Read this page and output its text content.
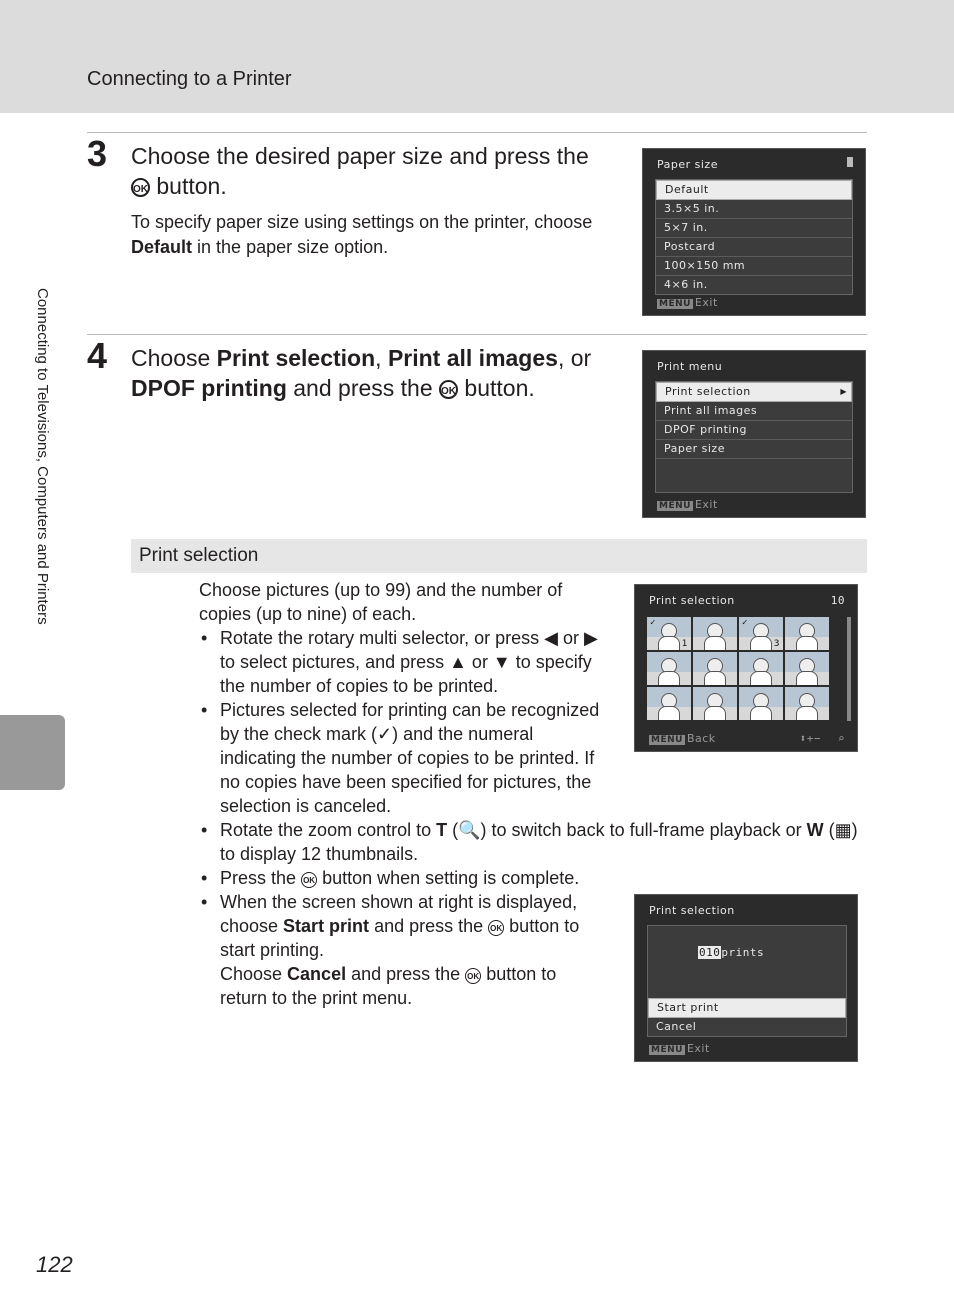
Connecting to a Printer
Connecting to Televisions, Computers and Printers
3 Choose the desired paper size and press the OK button.
To specify paper size using settings on the printer, choose Default in the paper size option.
Paper size
Default
3.5×5 in.
5×7 in.
Postcard
100×150 mm
4×6 in.
MENU Exit
4 Choose Print selection, Print all images, or DPOF printing and press the OK button.
Print menu
Print selection	▶
Print all images
DPOF printing
Paper size
MENU Exit
Print selection
Choose pictures (up to 99) and the number of copies (up to nine) of each.
• Rotate the rotary multi selector, or press ◀ or ▶ to select pictures, and press ▲ or ▼ to specify the number of copies to be printed.
• Pictures selected for printing can be recognized by the check mark (✓) and the numeral indicating the number of copies to be printed. If no copies have been specified for pictures, the selection is canceled.
• Rotate the zoom control to T (🔍) to switch back to full-frame playback or W (▦) to display 12 thumbnails.
• Press the OK button when setting is complete.
• When the screen shown at right is displayed, choose Start print and press the OK button to start printing.
Choose Cancel and press the OK button to return to the print menu.
Print selection	10
✓
1
✓
3
MENU Back	⬍+− ⌕
Print selection
010prints
Start print
Cancel
MENU Exit
122
